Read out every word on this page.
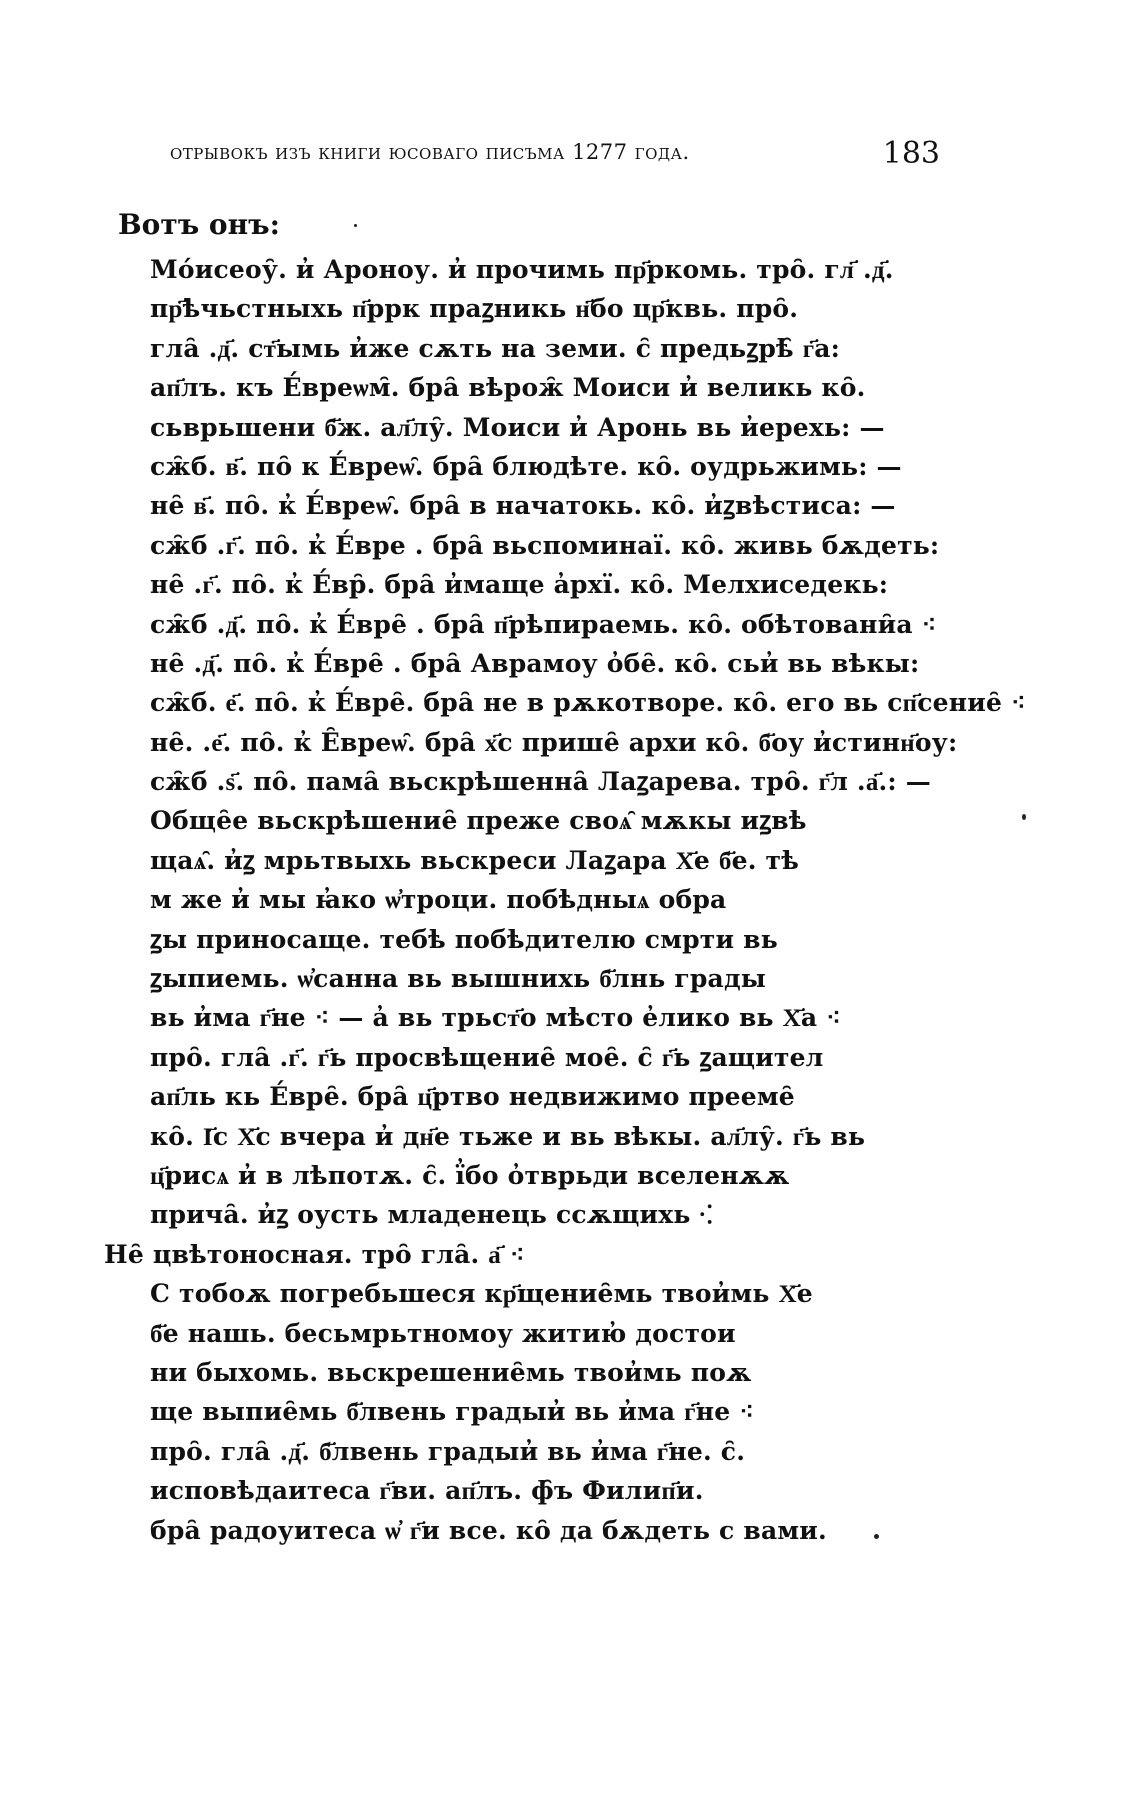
отрывокъ изъ книги юсоваго писъма 1277 года.	183
Вотъ онъ:
Мо́исеоу̑. и̓ Ароноу. и̓ прочимь пр҃ркомь. тро̑. гл҃ .д҃.
пр҃ѣчьстныхь п҃ррк праꙁникь н҃бо цр҃квь. про̑.
гла̑ .д҃. ст҃ымь и̓же сѫть на земи. с̑ предьꙁрѣ̑ г҃а:
ап҃лъ. къ Е́вреѡм̑. бра̑ вѣрож̑ Моиси и̓ великь ко̑.
сьврьшени б҃ж. ал҃лу̑. Моиси и̓ Аронь вь и̓ерехь: —
сж̑б. в҃. по̑ к Е́вреѡ̑. бра̑ блюдѣте. ко̑. оудрьжимь: —
не̑ в҃. по̑. к̓ Е́вреѡ̑. бра̑ в начатокь. ко̑. и̓ꙁвѣстиса: —
сж̑б .г҃. по̑. к̓ Е́вре . бра̑ вьспоминаї. ко̑. живь бѫдеть:
не̑ .г҃. по̑. к̓ Е́вр̑. бра̑ и̓маще а̓рхї. ко̑. Мелхиседекь:
сж̑б .д҃. по̑. к̓ Е́вре̑ . бра̑ п҃рѣпираемь. ко̑. обѣтовани̑а ⁖
не̑ .д҃. по̑. к̓ Е́вре̑ . бра̑ Аврамоу о̓бе̑. ко̑. сьи̓ вь вѣкы:
сж̑б. е҃. по̑. к̓ Е́вре̑. бра̑ не в рѫкотворе. ко̑. его вь сп҃сение̑ ⁖
не̑. .е҃. по̑. к̓ Е̑вреѡ̑. бра̑ х҃с прише̑ архи ко̑. б҃оу и̓стинн҃оу:
сж̑б .ѕ҃. по̑. пама̑ вьскрѣшенна̑ Лаꙁарева. тро̑. г҃л .а҃.: —
Обще̑е вьскрѣшение̑ преже своѧ̑ мѫкы иꙁвѣ
щаѧ̑. и̓ꙁ мрьтвыхь вьскреси Лаꙁара Х҃е б҃е. тѣ
м же и̓ мы ꙗ̓ко ѡ̓троци. побѣдныѧ обра
ꙁы приносаще. тебѣ побѣдителю смрти вь
ꙁыпиемь. ѡ̓санна вь вышнихь б҃лнь грады
вь и̓ма г҃не ⁖ — а̓ вь трьст҃о мѣсто е̓лико вь Х҃а ⁖
про̑. гла̑ .г҃. г҃ь просвѣщение̑ мое̑. с̑ г҃ь ꙁащител
ап҃ль кь Е́вре̑. бра̑ ц҃ртво недвижимо прееме̑
ко̑. І҃с Х҃с вчера и̓ дн҃е тьже и вь вѣкы. ал҃лу̑. г҃ь вь
ц҃рисѧ и̓ в лѣпотѫ. с̑. ї̓бо о̓тврьди вселенѫѫ
прича̑. и̓ꙁ оусть младенець ссѫщихь ⁖
Не̑ цвѣтоносная. тро̑ гла̑. а҃ ⁖
С тобоѫ погребьшеся кр҃щение̑мь твои̓мь Х҃е
б҃е нашь. бесьмрьтномоу житию̓ достои
ни быхомь. вьскрешение̑мь твои̓мь поѫ
ще выпие̑мь б҃лвень градыи̓ вь и̓ма г҃не ⁖
про̑. гла̑ .д҃. б҃лвень градыи̓ вь и̓ма г҃не. с̑.
исповѣдаитеса г҃ви. ап҃лъ. ф̑ъ Филип҃и.
бра̑ радоуитеса ѡ̓ г҃и все. ко̑ да бѫдеть с вами.
